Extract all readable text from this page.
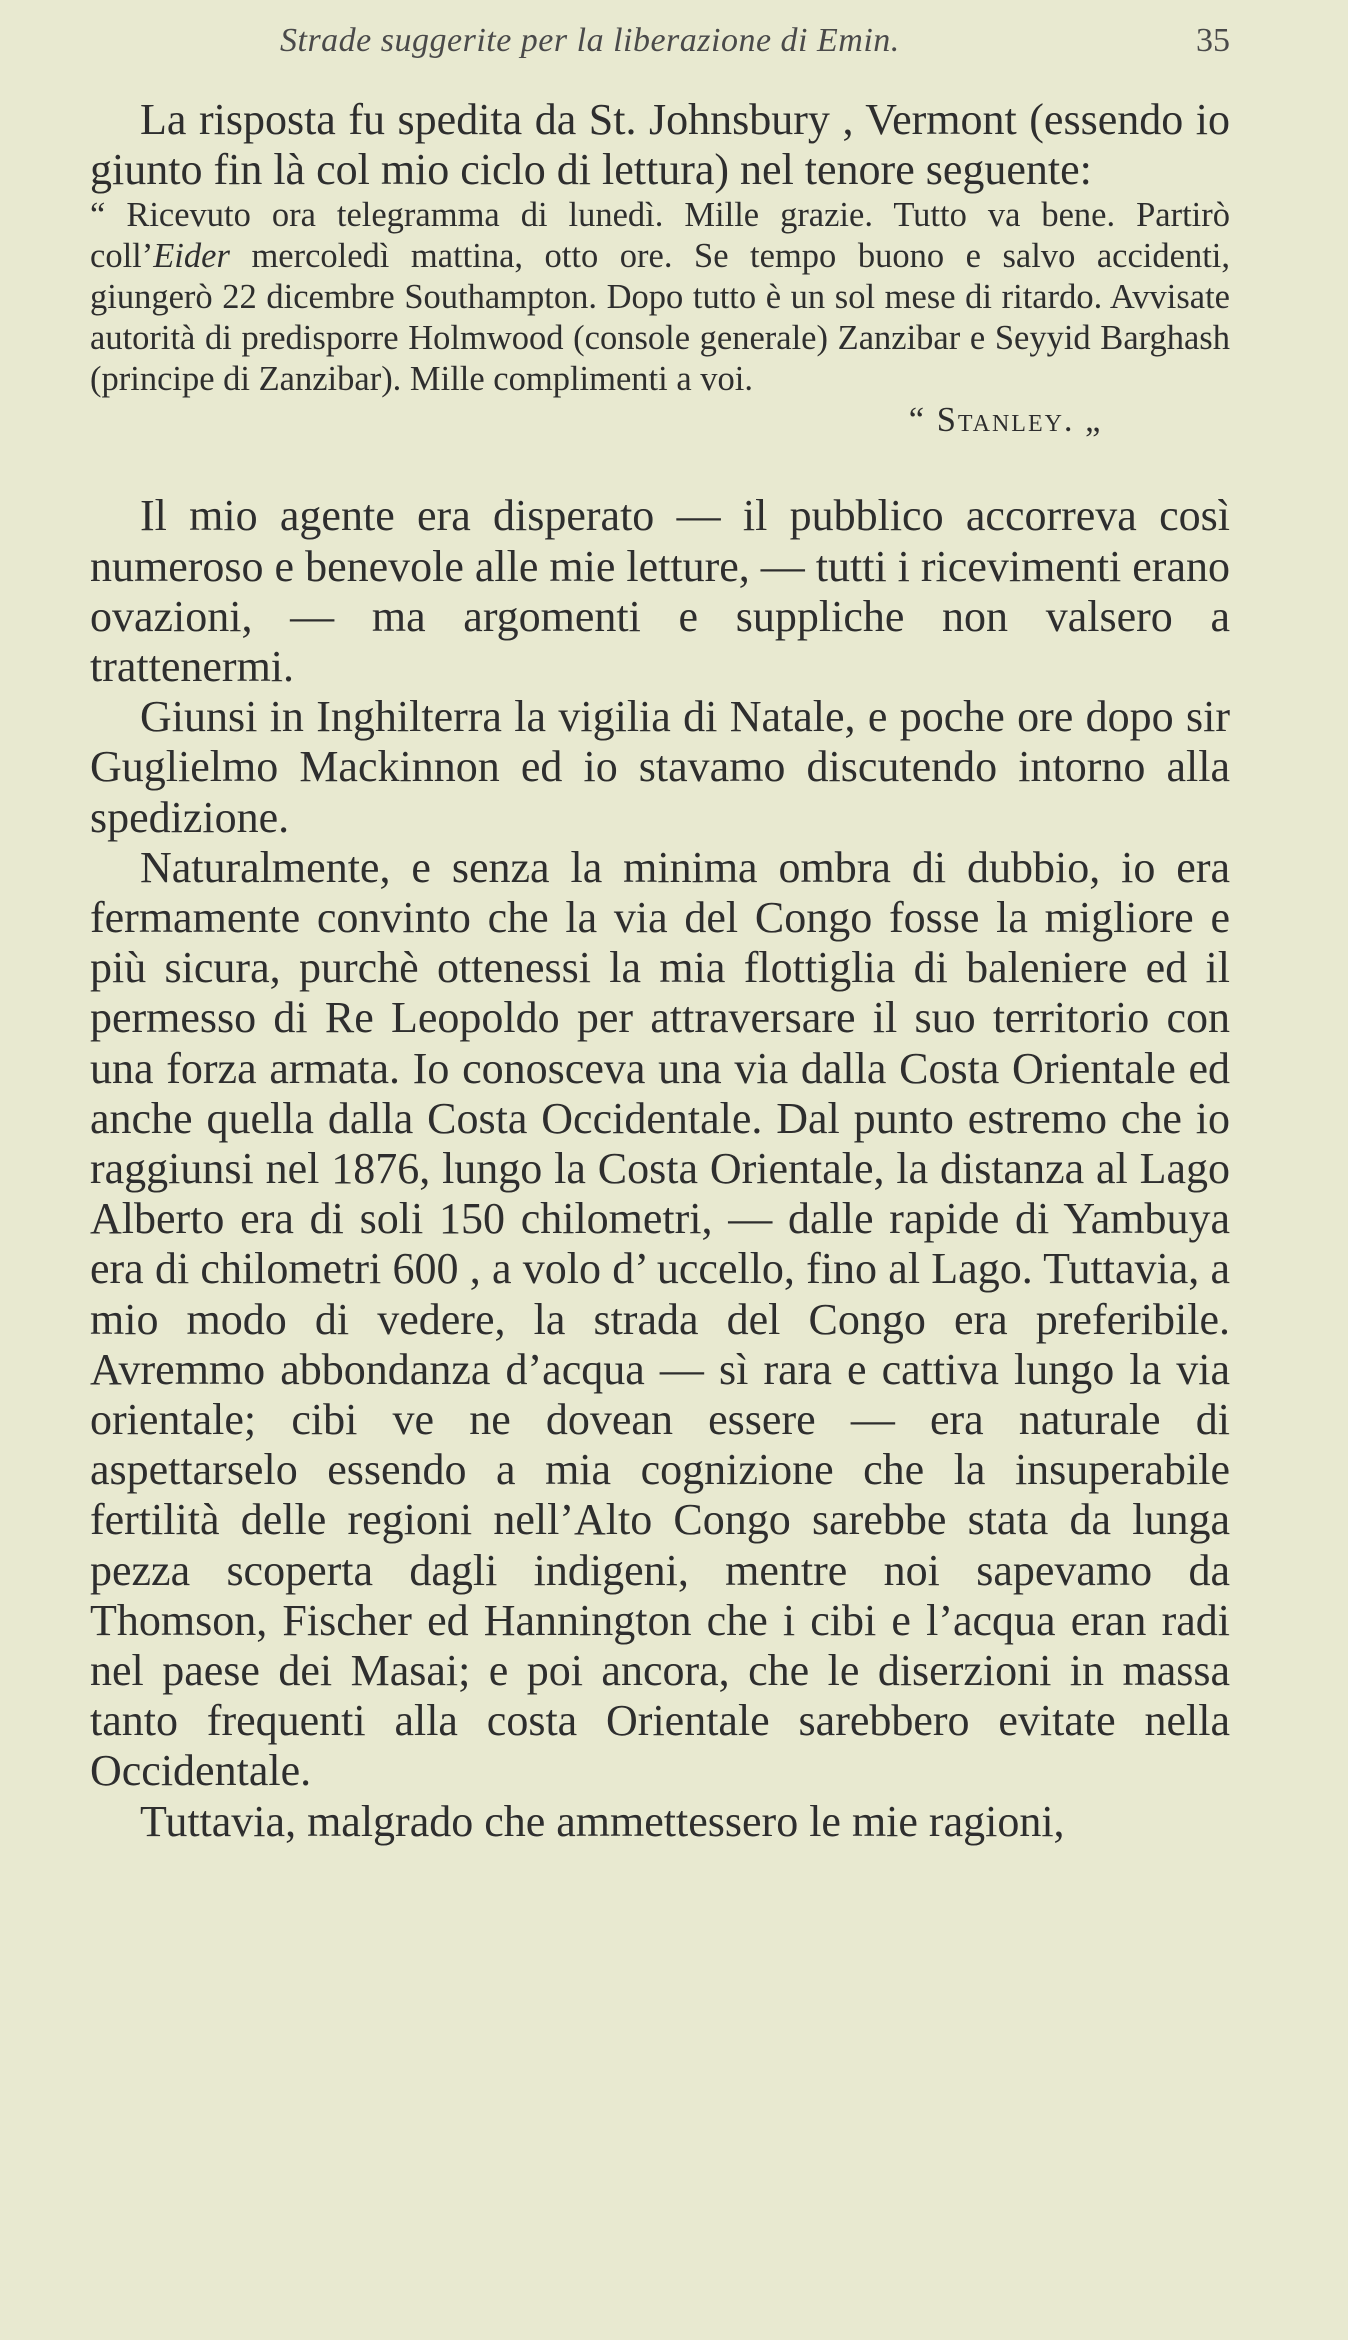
Strade suggerite per la liberazione di Emin.	35

La risposta fu spedita da St. Johnsbury , Vermont (essendo io giunto fin là col mio ciclo di lettura) nel tenore seguente:

“ Ricevuto ora telegramma di lunedì. Mille grazie. Tutto va bene. Partirò coll’Eider mercoledì mattina, otto ore. Se tempo buono e salvo accidenti, giungerò 22 dicembre Southampton. Dopo tutto è un sol mese di ritardo. Avvisate autorità di predisporre Holmwood (console generale) Zanzibar e Seyyid Barghash (principe di Zanzibar). Mille complimenti a voi.

“ Stanley. „

Il mio agente era disperato — il pubblico accorreva così numeroso e benevole alle mie letture, — tutti i ricevimenti erano ovazioni, — ma argomenti e suppliche non valsero a trattenermi.

Giunsi in Inghilterra la vigilia di Natale, e poche ore dopo sir Guglielmo Mackinnon ed io stavamo discutendo intorno alla spedizione.

Naturalmente, e senza la minima ombra di dubbio, io era fermamente convinto che la via del Congo fosse la migliore e più sicura, purchè ottenessi la mia flottiglia di baleniere ed il permesso di Re Leopoldo per attraversare il suo territorio con una forza armata. Io conosceva una via dalla Costa Orientale ed anche quella dalla Costa Occidentale. Dal punto estremo che io raggiunsi nel 1876, lungo la Costa Orientale, la distanza al Lago Alberto era di soli 150 chilometri, — dalle rapide di Yambuya era di chilometri 600 , a volo d’ uccello, fino al Lago. Tuttavia, a mio modo di vedere, la strada del Congo era preferibile. Avremmo abbondanza d’acqua — sì rara e cattiva lungo la via orientale; cibi ve ne dovean essere — era naturale di aspettarselo essendo a mia cognizione che la insuperabile fertilità delle regioni nell’Alto Congo sarebbe stata da lunga pezza scoperta dagli indigeni, mentre noi sapevamo da Thomson, Fischer ed Hannington che i cibi e l’acqua eran radi nel paese dei Masai; e poi ancora, che le diserzioni in massa tanto frequenti alla costa Orientale sarebbero evitate nella Occidentale.

Tuttavia, malgrado che ammettessero le mie ragioni,
